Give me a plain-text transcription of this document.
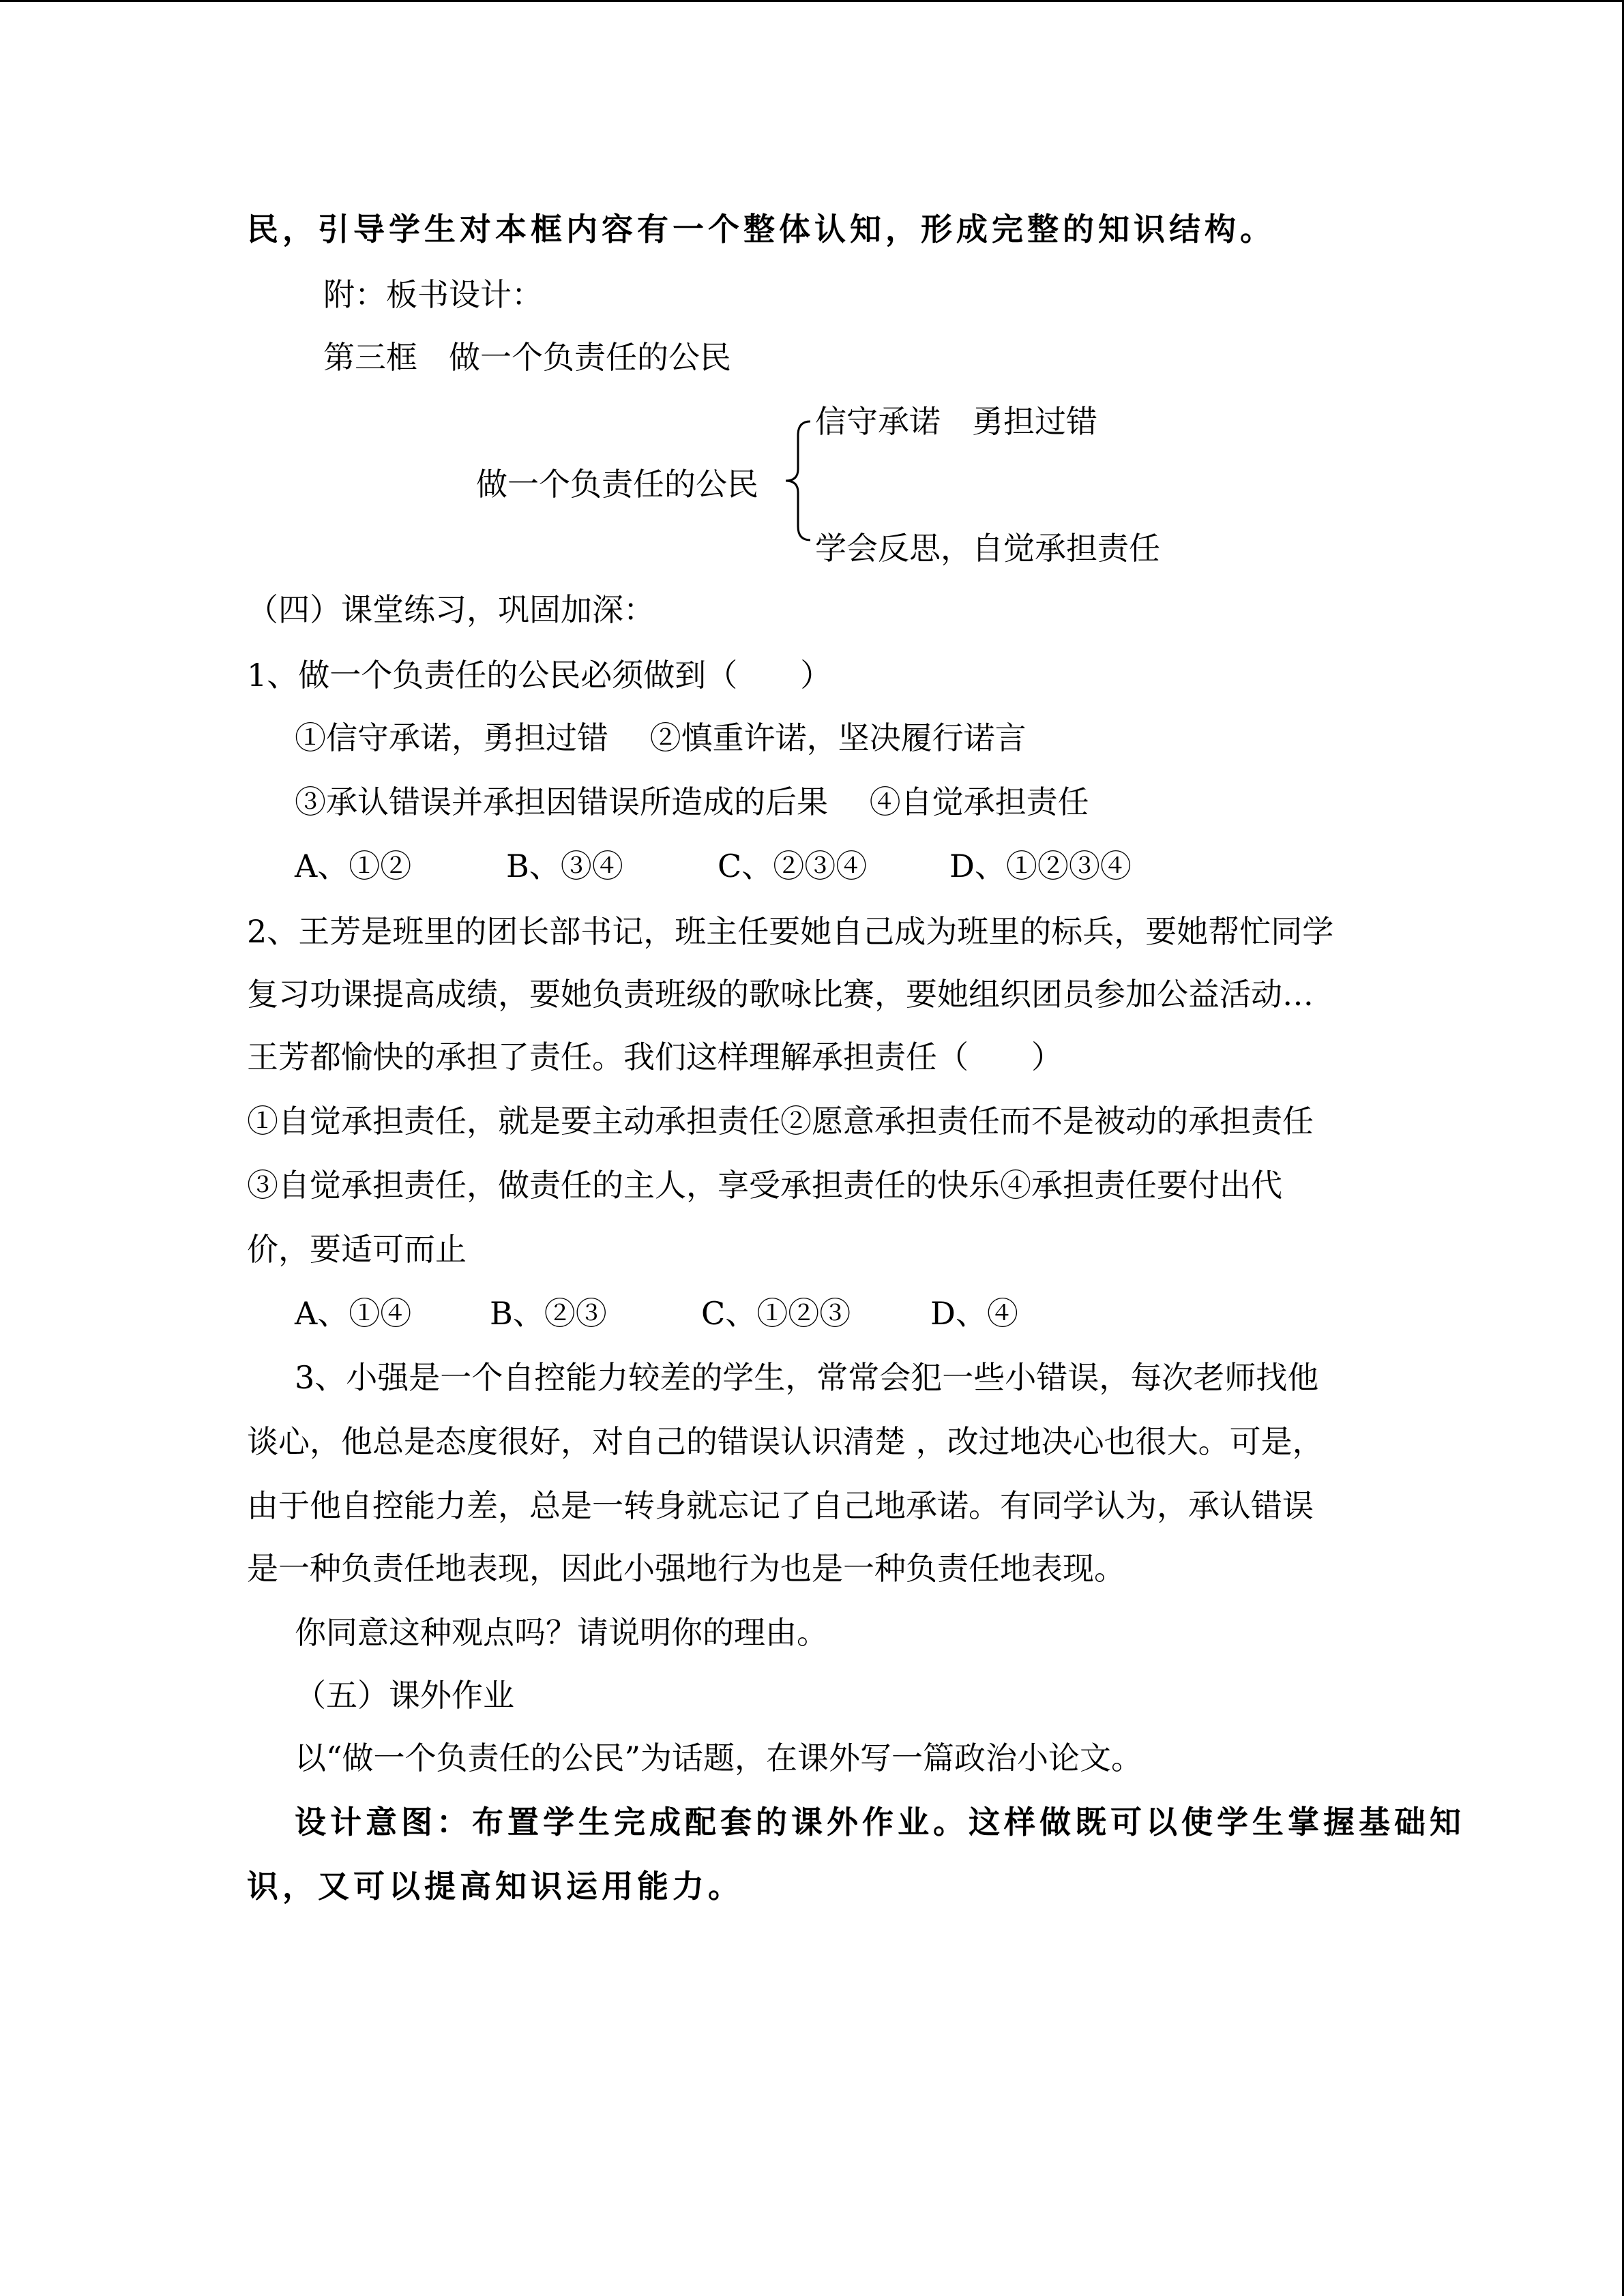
民，引导学生对本框内容有一个整体认知，形成完整的知识结构。
附：板书设计：
第三框　做一个负责任的公民
信守承诺　勇担过错
做一个负责任的公民
学会反思，自觉承担责任
（四）课堂练习，巩固加深：
1、做一个负责任的公民必须做到（　　）
①信守承诺，勇担过错　 ②慎重许诺，坚决履行诺言
③承认错误并承担因错误所造成的后果　 ④自觉承担责任
A、①②	B、③④	C、②③④	D、①②③④
2、王芳是班里的团长部书记，班主任要她自己成为班里的标兵，要她帮忙同学
复习功课提高成绩，要她负责班级的歌咏比赛，要她组织团员参加公益活动…
王芳都愉快的承担了责任。我们这样理解承担责任（　　）
①自觉承担责任，就是要主动承担责任②愿意承担责任而不是被动的承担责任
③自觉承担责任，做责任的主人，享受承担责任的快乐④承担责任要付出代
价，要适可而止
A、①④ B、②③	C、①②③	D、④
3、小强是一个自控能力较差的学生，常常会犯一些小错误，每次老师找他
谈心，他总是态度很好，对自己的错误认识清楚 ，改过地决心也很大。可是，
由于他自控能力差，总是一转身就忘记了自己地承诺。有同学认为，承认错误
是一种负责任地表现，因此小强地行为也是一种负责任地表现。
你同意这种观点吗？请说明你的理由。
（五）课外作业
以“做一个负责任的公民”为话题，在课外写一篇政治小论文。
设计意图：布置学生完成配套的课外作业。这样做既可以使学生掌握基础知
识，又可以提高知识运用能力。
